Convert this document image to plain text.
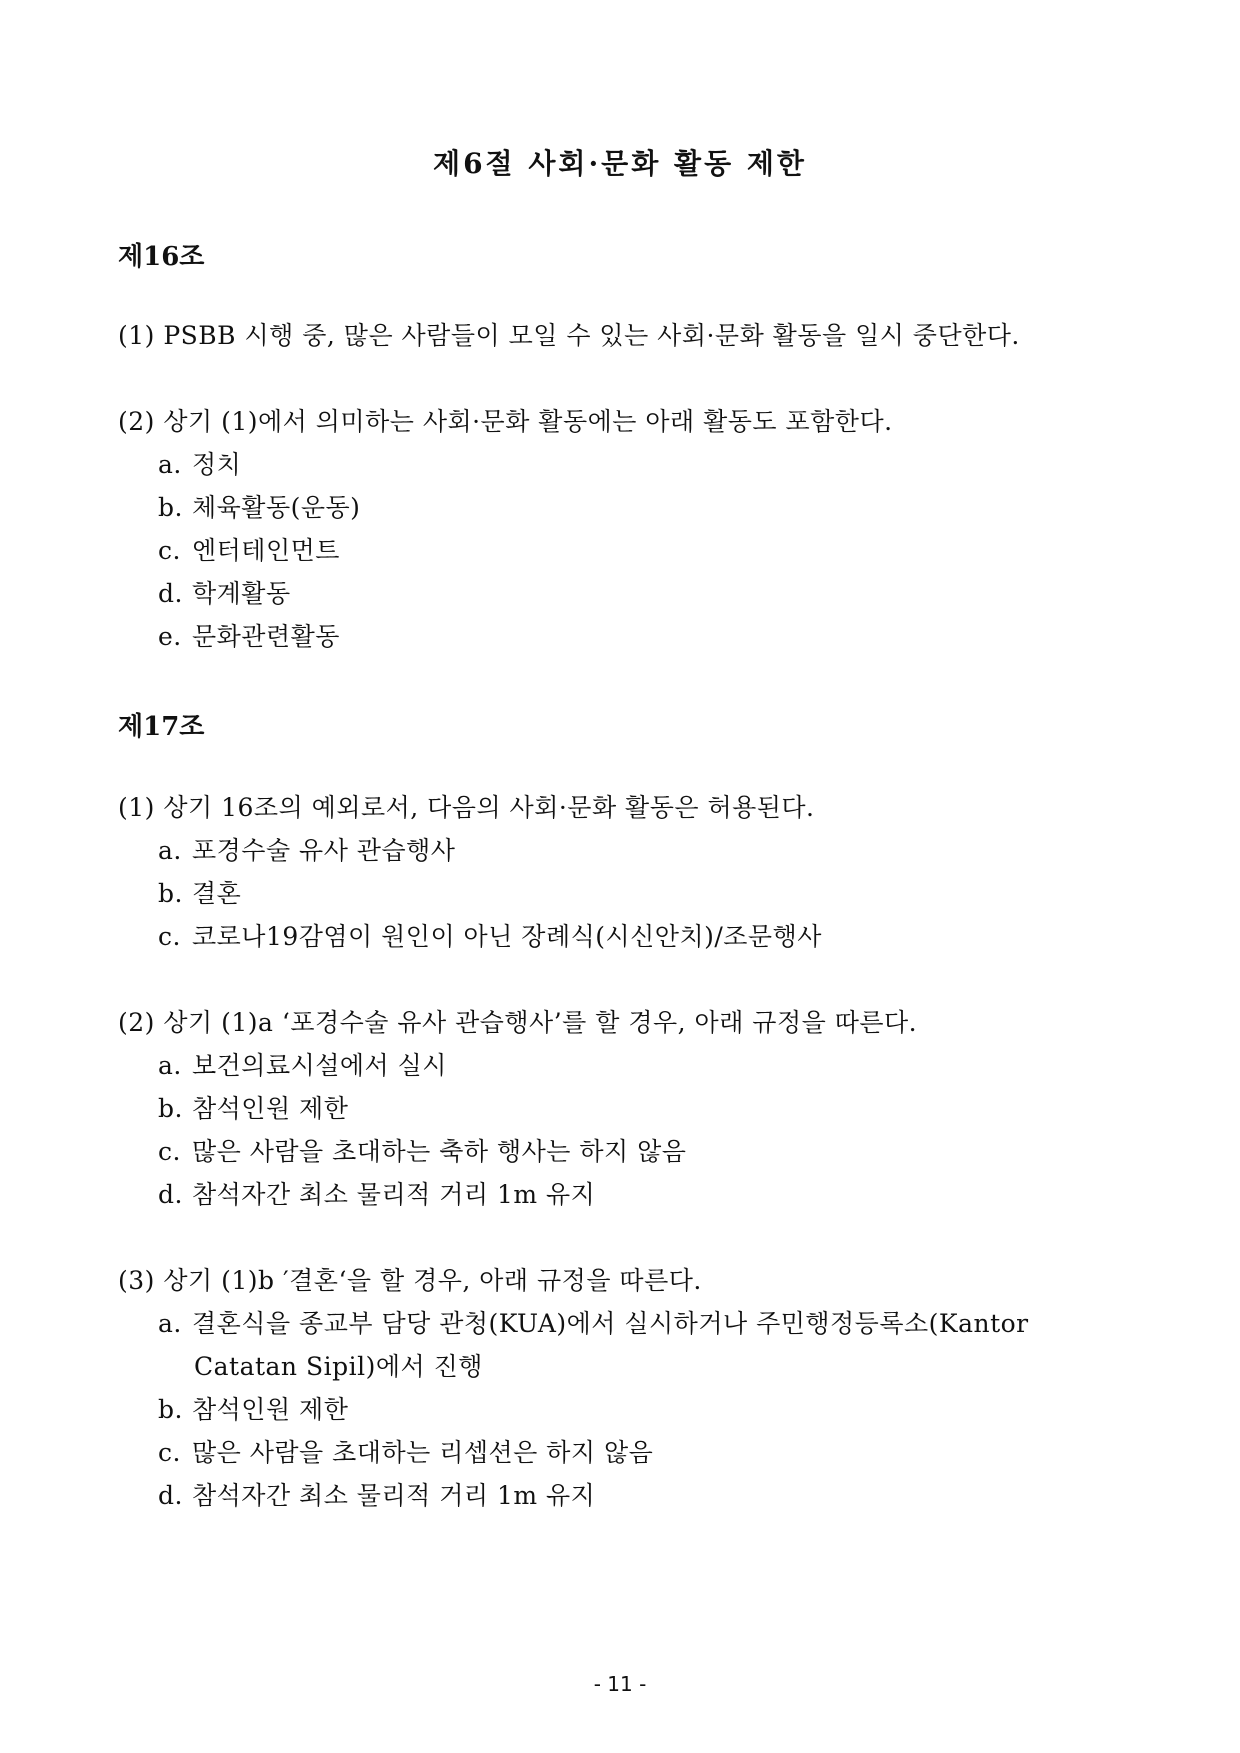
제6절 사회·문화 활동 제한
제16조
(1) PSBB 시행 중, 많은 사람들이 모일 수 있는 사회·문화 활동을 일시 중단한다.
(2) 상기 (1)에서 의미하는 사회·문화 활동에는 아래 활동도 포함한다.
a. 정치
b. 체육활동(운동)
c. 엔터테인먼트
d. 학계활동
e. 문화관련활동
제17조
(1) 상기 16조의 예외로서, 다음의 사회·문화 활동은 허용된다.
a. 포경수술 유사 관습행사
b. 결혼
c. 코로나19감염이 원인이 아닌 장례식(시신안치)/조문행사
(2) 상기 (1)a ‘포경수술 유사 관습행사’를 할 경우, 아래 규정을 따른다.
a. 보건의료시설에서 실시
b. 참석인원 제한
c. 많은 사람을 초대하는 축하 행사는 하지 않음
d. 참석자간 최소 물리적 거리 1m 유지
(3) 상기 (1)b ′결혼‘을 할 경우, 아래 규정을 따른다.
a. 결혼식을 종교부 담당 관청(KUA)에서 실시하거나 주민행정등록소(Kantor
Catatan Sipil)에서 진행
b. 참석인원 제한
c. 많은 사람을 초대하는 리셉션은 하지 않음
d. 참석자간 최소 물리적 거리 1m 유지
- 11 -
